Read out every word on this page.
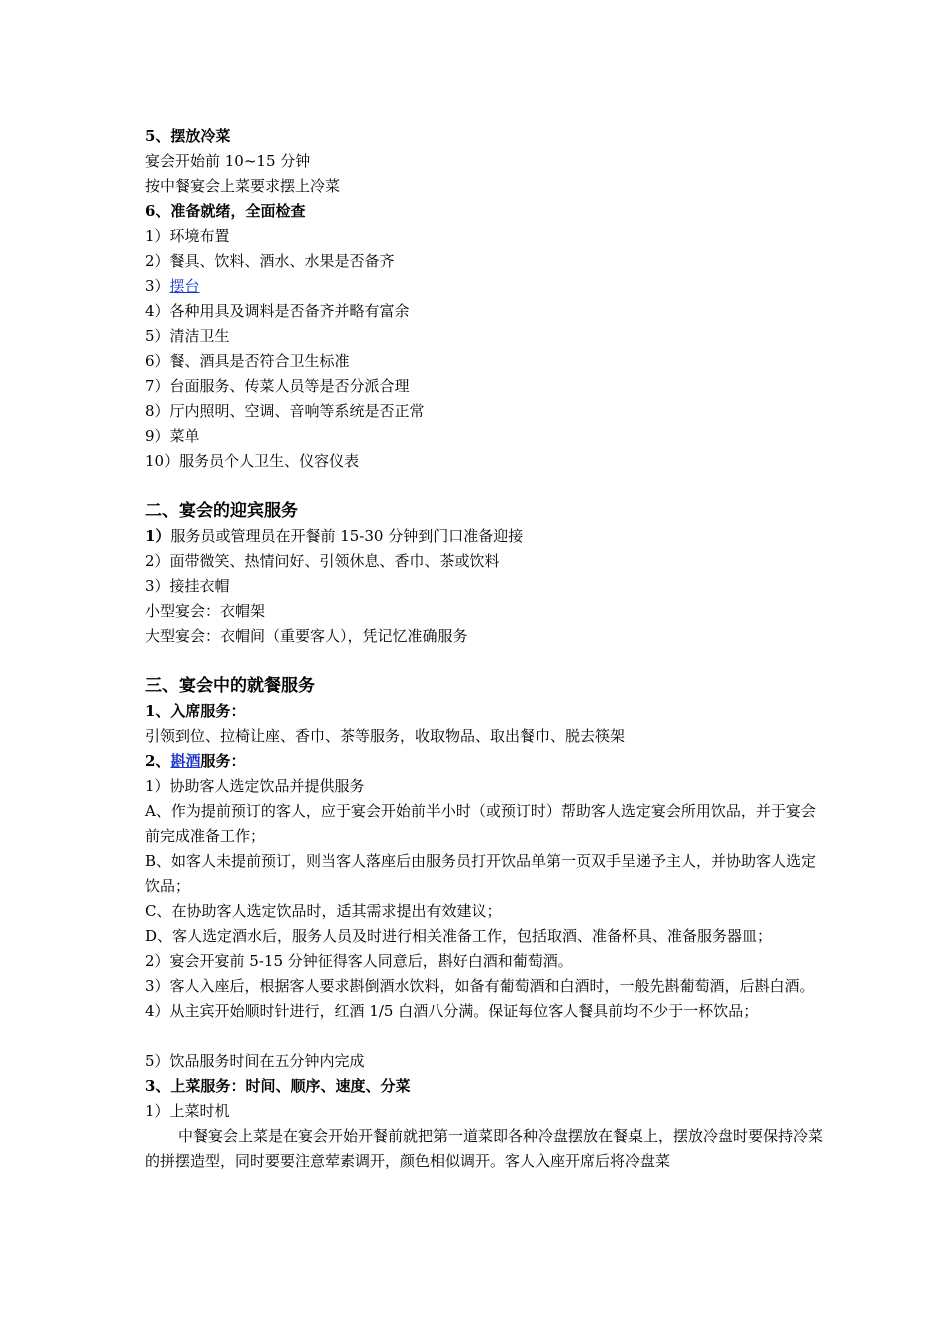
5、摆放冷菜
宴会开始前 10~15 分钟
按中餐宴会上菜要求摆上冷菜
6、准备就绪，全面检查
1）环境布置
2）餐具、饮料、酒水、水果是否备齐
3）摆台
4）各种用具及调料是否备齐并略有富余
5）清洁卫生
6）餐、酒具是否符合卫生标准
7）台面服务、传菜人员等是否分派合理
8）厅内照明、空调、音响等系统是否正常
9）菜单
10）服务员个人卫生、仪容仪表
二、宴会的迎宾服务
1）服务员或管理员在开餐前 15-30 分钟到门口准备迎接
2）面带微笑、热情问好、引领休息、香巾、茶或饮料
3）接挂衣帽
小型宴会：衣帽架
大型宴会：衣帽间（重要客人），凭记忆准确服务
三、宴会中的就餐服务
1、入席服务：
引领到位、拉椅让座、香巾、茶等服务，收取物品、取出餐巾、脱去筷架
2、斟酒服务：
1）协助客人选定饮品并提供服务
A、作为提前预订的客人，应于宴会开始前半小时（或预订时）帮助客人选定宴会所用饮品，并于宴会前完成准备工作；
B、如客人未提前预订，则当客人落座后由服务员打开饮品单第一页双手呈递予主人，并协助客人选定饮品；
C、在协助客人选定饮品时，适其需求提出有效建议；
D、客人选定酒水后，服务人员及时进行相关准备工作，包括取酒、准备杯具、准备服务器皿；
2）宴会开宴前 5-15 分钟征得客人同意后，斟好白酒和葡萄酒。
3）客人入座后，根据客人要求斟倒酒水饮料，如备有葡萄酒和白酒时，一般先斟葡萄酒，后斟白酒。
4）从主宾开始顺时针进行，红酒 1/5 白酒八分满。保证每位客人餐具前均不少于一杯饮品；
5）饮品服务时间在五分钟内完成
3、上菜服务：时间、顺序、速度、分菜
1）上菜时机
中餐宴会上菜是在宴会开始开餐前就把第一道菜即各种冷盘摆放在餐桌上，摆放冷盘时要保持冷菜的拼摆造型，同时要要注意荤素调开，颜色相似调开。客人入座开席后将冷盘菜
